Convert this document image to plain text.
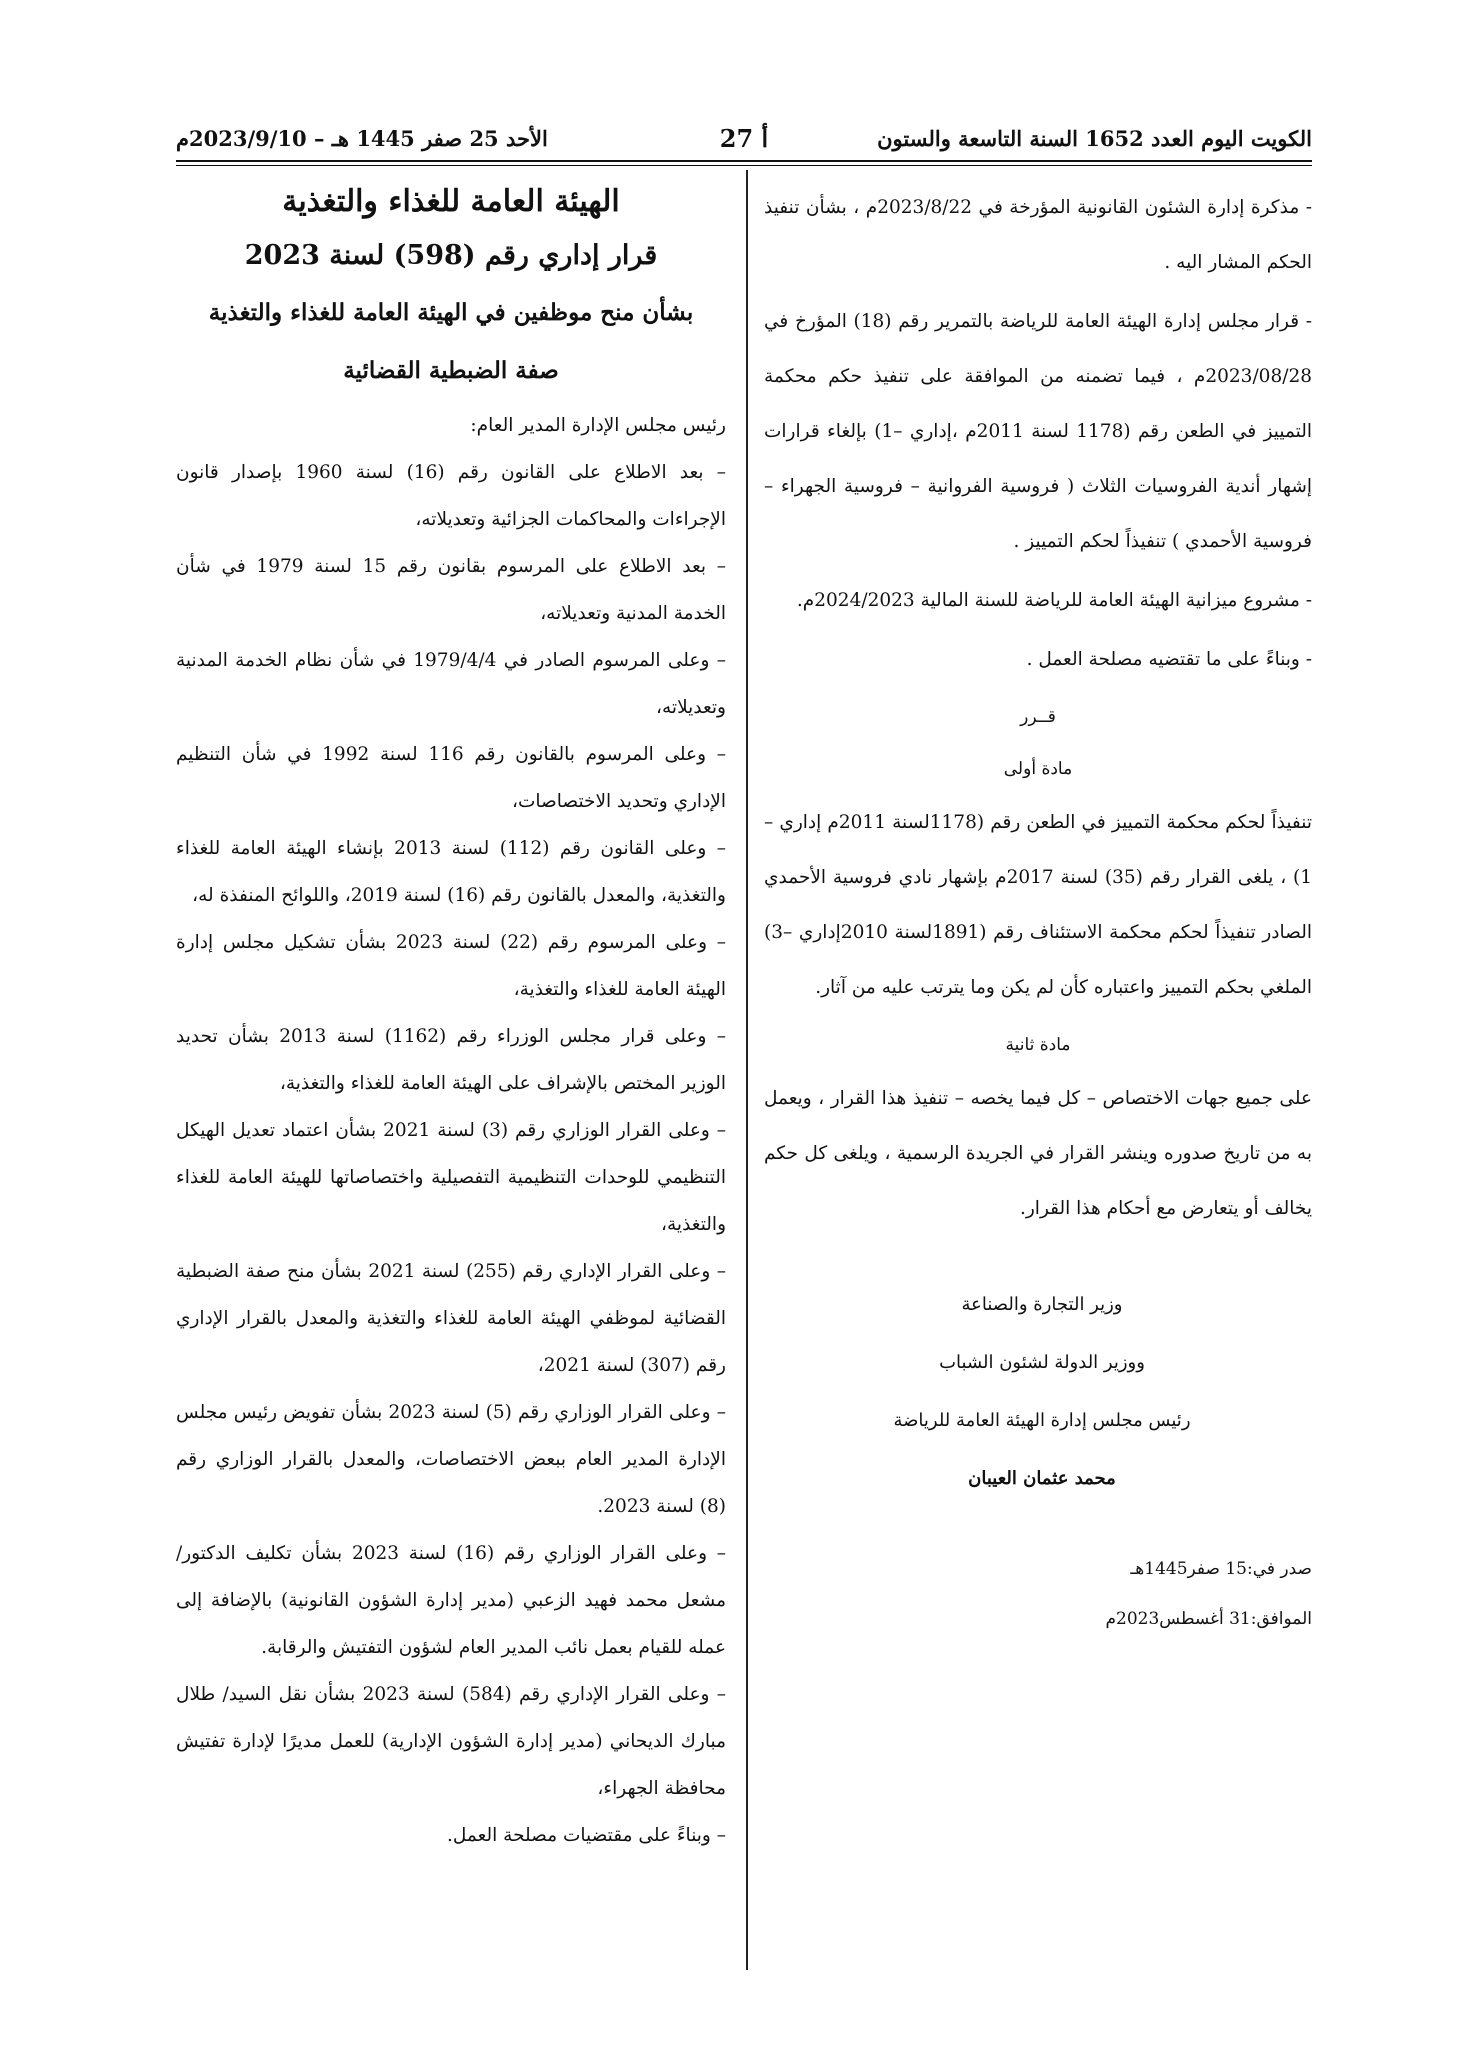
الكويت اليوم العدد 1652 السنة التاسعة والستون
أ 27
الأحد 25 صفر 1445 هـ – 2023/9/10م

- مذكرة إدارة الشئون القانونية المؤرخة في 2023/8/22م ، بشأن تنفيذ الحكم المشار اليه .

- قرار مجلس إدارة الهيئة العامة للرياضة بالتمرير رقم (18) المؤرخ في 2023/08/28م ، فيما تضمنه من الموافقة على تنفيذ حكم محكمة التمييز في الطعن رقم (1178 لسنة 2011م ،إداري –1) بإلغاء قرارات إشهار أندية الفروسيات الثلاث ( فروسية الفروانية – فروسية الجهراء – فروسية الأحمدي ) تنفيذاً لحكم التمييز .

- مشروع ميزانية الهيئة العامة للرياضة للسنة المالية 2024/2023م.

- وبناءً على ما تقتضيه مصلحة العمل .

قــرر

مادة أولى

تنفيذاً لحكم محكمة التمييز في الطعن رقم (1178لسنة 2011م إداري –1) ، يلغى القرار رقم (35) لسنة 2017م بإشهار نادي فروسية الأحمدي الصادر تنفيذاً لحكم محكمة الاستئناف رقم (1891لسنة 2010إداري –3) الملغي بحكم التمييز واعتباره كأن لم يكن وما يترتب عليه من آثار.

مادة ثانية

على جميع جهات الاختصاص – كل فيما يخصه – تنفيذ هذا القرار ، ويعمل به من تاريخ صدوره وينشر القرار في الجريدة الرسمية ، ويلغى كل حكم يخالف أو يتعارض مع أحكام هذا القرار.

وزير التجارة والصناعة

ووزير الدولة لشئون الشباب

رئيس مجلس إدارة الهيئة العامة للرياضة

محمد عثمان العيبان

صدر في:15 صفر1445هـ

الموافق:31 أغسطس2023م

الهيئة العامة للغذاء والتغذية
قرار إداري رقم (598) لسنة 2023
بشأن منح موظفين في الهيئة العامة للغذاء والتغذية
صفة الضبطية القضائية

رئيس مجلس الإدارة المدير العام:

– بعد الاطلاع على القانون رقم (16) لسنة 1960 بإصدار قانون الإجراءات والمحاكمات الجزائية وتعديلاته،

– بعد الاطلاع على المرسوم بقانون رقم 15 لسنة 1979 في شأن الخدمة المدنية وتعديلاته،

– وعلى المرسوم الصادر في 1979/4/4 في شأن نظام الخدمة المدنية وتعديلاته،

– وعلى المرسوم بالقانون رقم 116 لسنة 1992 في شأن التنظيم الإداري وتحديد الاختصاصات،

– وعلى القانون رقم (112) لسنة 2013 بإنشاء الهيئة العامة للغذاء والتغذية، والمعدل بالقانون رقم (16) لسنة 2019، واللوائح المنفذة له،

– وعلى المرسوم رقم (22) لسنة 2023 بشأن تشكيل مجلس إدارة الهيئة العامة للغذاء والتغذية،

– وعلى قرار مجلس الوزراء رقم (1162) لسنة 2013 بشأن تحديد الوزير المختص بالإشراف على الهيئة العامة للغذاء والتغذية،

– وعلى القرار الوزاري رقم (3) لسنة 2021 بشأن اعتماد تعديل الهيكل التنظيمي للوحدات التنظيمية التفصيلية واختصاصاتها للهيئة العامة للغذاء والتغذية،

– وعلى القرار الإداري رقم (255) لسنة 2021 بشأن منح صفة الضبطية القضائية لموظفي الهيئة العامة للغذاء والتغذية والمعدل بالقرار الإداري رقم (307) لسنة 2021،

– وعلى القرار الوزاري رقم (5) لسنة 2023 بشأن تفويض رئيس مجلس الإدارة المدير العام ببعض الاختصاصات، والمعدل بالقرار الوزاري رقم (8) لسنة 2023.

– وعلى القرار الوزاري رقم (16) لسنة 2023 بشأن تكليف الدكتور/ مشعل محمد فهيد الزعبي (مدير إدارة الشؤون القانونية) بالإضافة إلى عمله للقيام بعمل نائب المدير العام لشؤون التفتيش والرقابة.

– وعلى القرار الإداري رقم (584) لسنة 2023 بشأن نقل السيد/ طلال مبارك الديحاني (مدير إدارة الشؤون الإدارية) للعمل مديرًا لإدارة تفتيش محافظة الجهراء،

– وبناءً على مقتضيات مصلحة العمل.
